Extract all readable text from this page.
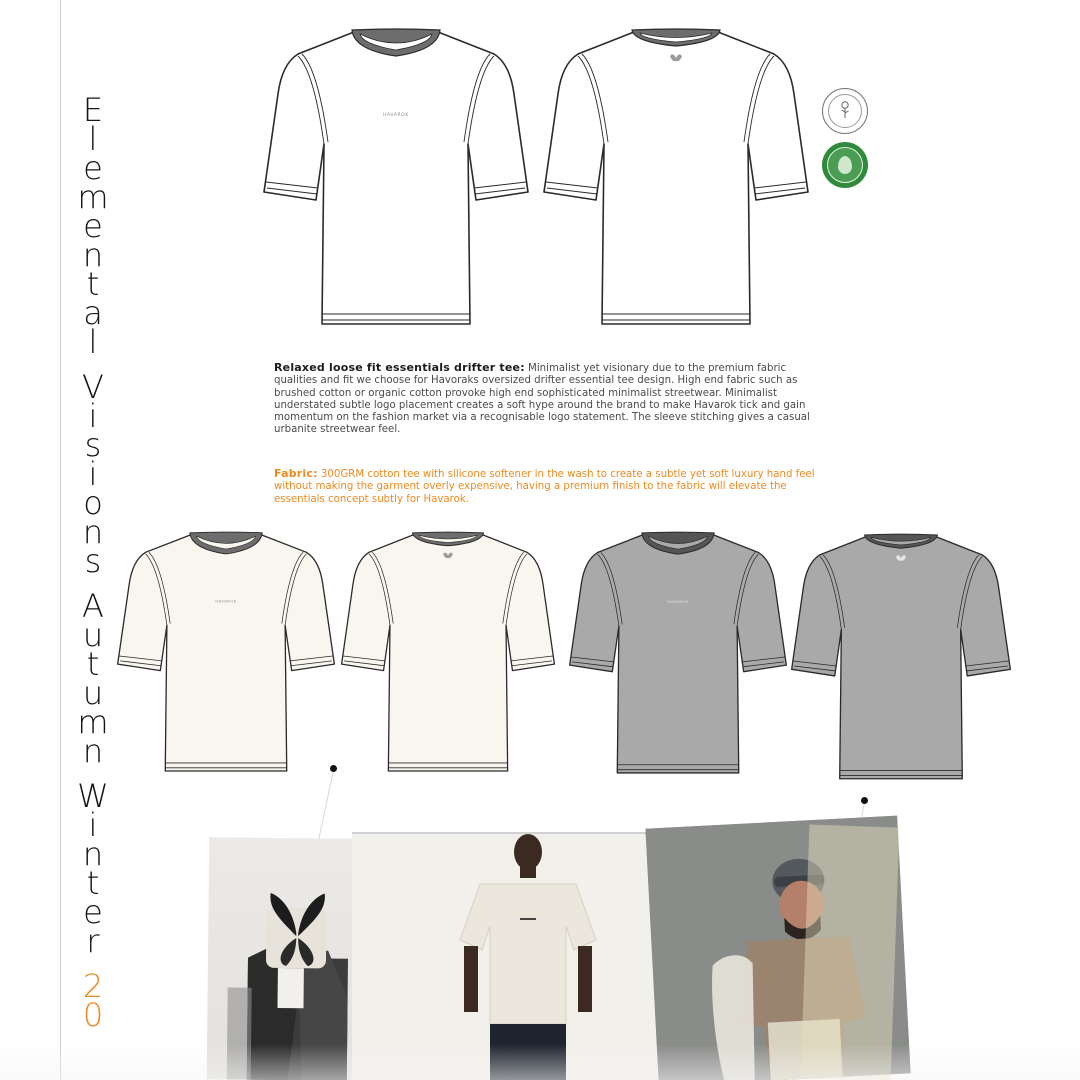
E
l
e
m
e
n
t
a
l
V
i
s
i
o
n
s
A
u
t
u
m
n
W
i
n
t
e
r
2
0
HAVAROK
Relaxed loose fit essentials drifter tee: Minimalist yet visionary due to the premium fabric qualities and fit we choose for Havoraks oversized drifter essential tee design. High end fabric such as brushed cotton or organic cotton provoke high end sophisticated minimalist streetwear. Minimalist understated subtle logo placement creates a soft hype around the brand to make Havarok tick and gain momentum on the fashion market via a recognisable logo statement. The sleeve stitching gives a casual urbanite streetwear feel.
Fabric: 300GRM cotton tee with silicone softener in the wash to create a subtle yet soft luxury hand feel without making the garment overly expensive, having a premium finish to the fabric will elevate the essentials concept subtly for Havarok.
HAVAROK	HAVAROK
